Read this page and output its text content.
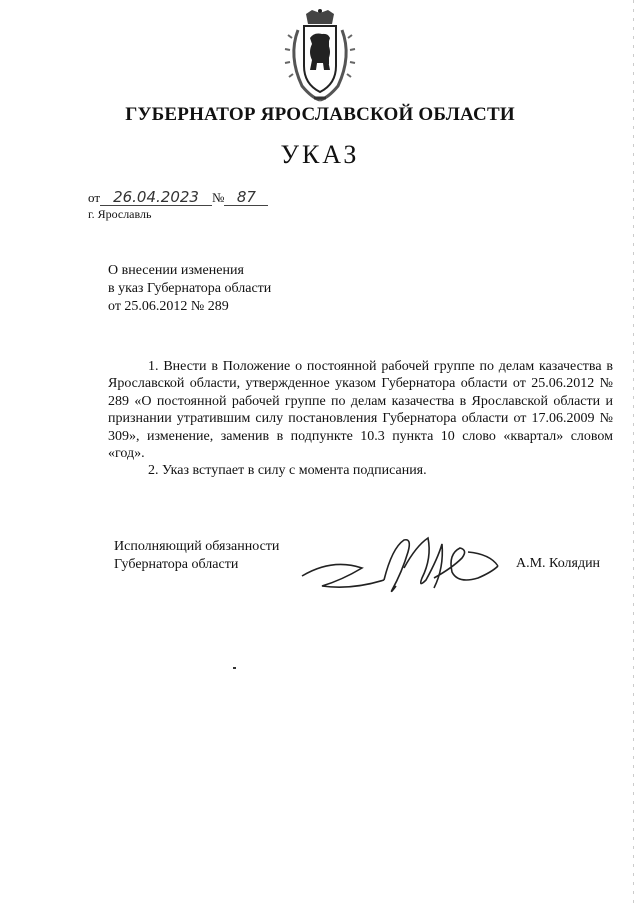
ГУБЕРНАТОР ЯРОСЛАВСКОЙ ОБЛАСТИ
УКАЗ
от 26.04.2023	№ 87
г. Ярославль
О внесении изменения
в указ Губернатора области
от 25.06.2012 № 289

1. Внести в Положение о постоянной рабочей группе по делам казачества в Ярославской области, утвержденное указом Губернатора области от 25.06.2012 № 289 «О постоянной рабочей группе по делам казачества в Ярославской области и признании утратившим силу постановления Губернатора области от 17.06.2009 № 309», изменение, заменив в подпункте 10.3 пункта 10 слово «квартал» словом «год».

2. Указ вступает в силу с момента подписания.

Исполняющий обязанности
Губернатора области	А.М. Колядин
